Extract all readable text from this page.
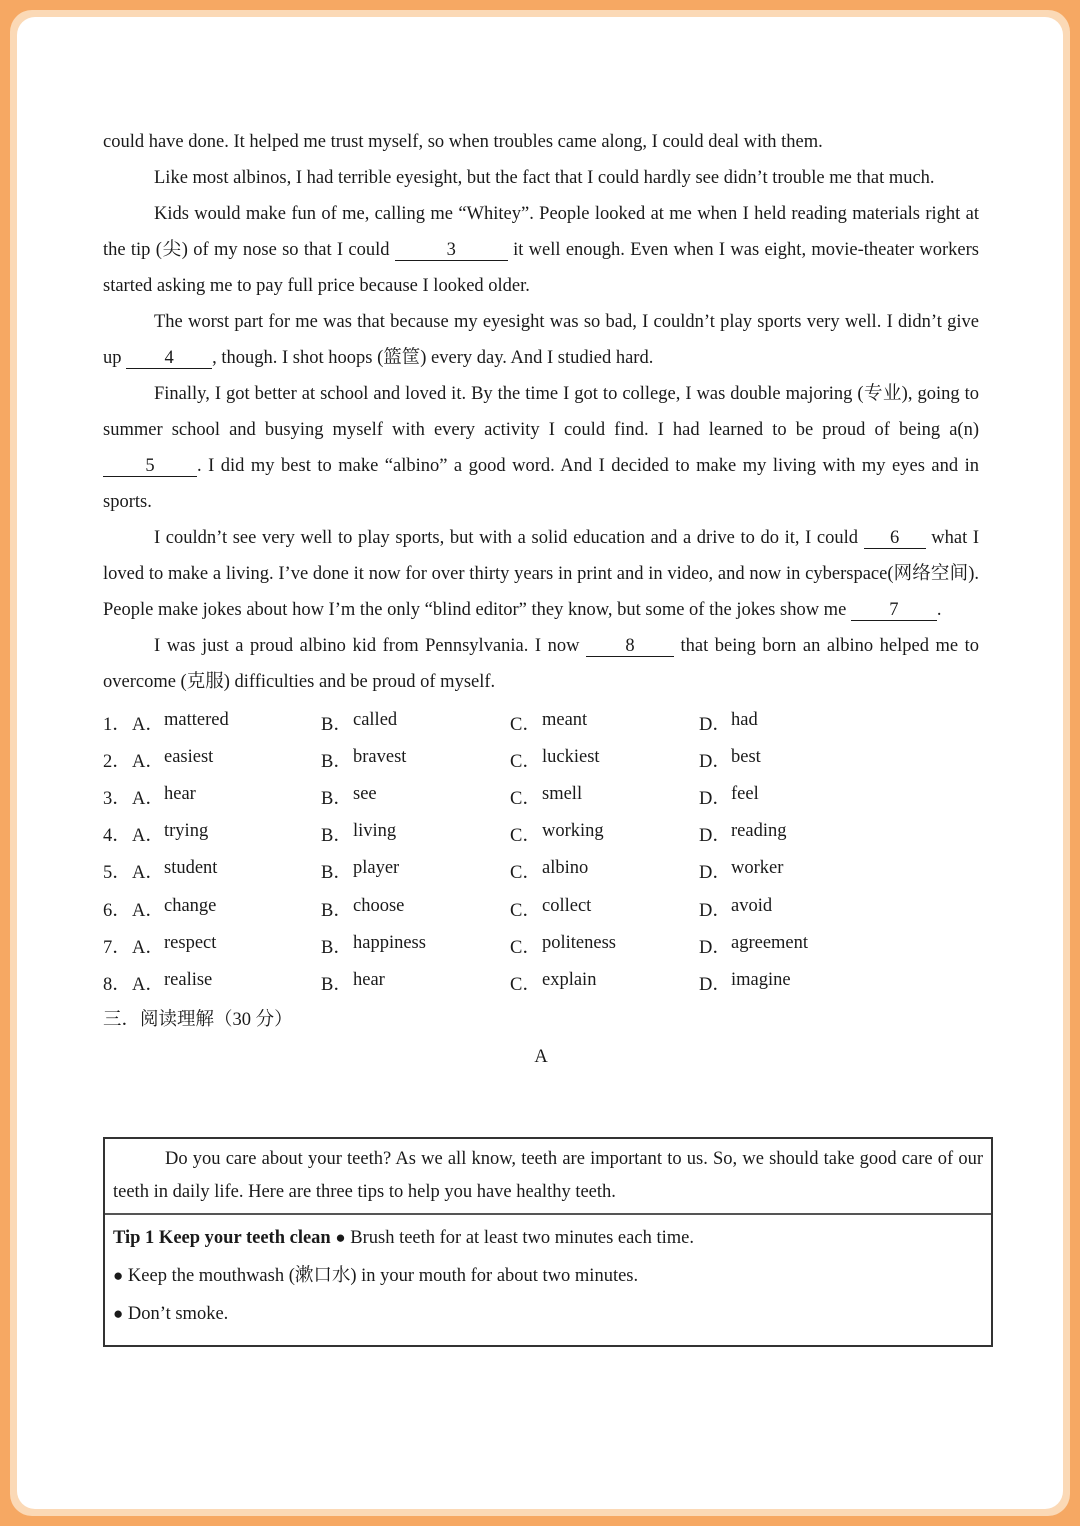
could have done. It helped me trust myself, so when troubles came along, I could deal with them.

Like most albinos, I had terrible eyesight, but the fact that I could hardly see didn’t trouble me that much.

Kids would make fun of me, calling me “Whitey”. People looked at me when I held reading materials right at the tip (尖) of my nose so that I could	3	it well enough. Even when I was eight, movie-theater workers started asking me to pay full price because I looked older.

The worst part for me was that because my eyesight was so bad, I couldn’t play sports very well. I didn’t give up 4 , though. I shot hoops (篮筐) every day. And I studied hard.

Finally, I got better at school and loved it. By the time I got to college, I was double majoring (专业), going to summer school and busying myself with every activity I could find. I had learned to be proud of being a(n) 5 . I did my best to make “albino” a good word. And I decided to make my living with my eyes and in sports.

I couldn’t see very well to play sports, but with a solid education and a drive to do it, I could 6 what I loved to make a living. I’ve done it now for over thirty years in print and in video, and now in cyberspace(网络空间). People make jokes about how I’m the only “blind editor” they know, but some of the jokes show me 7 .

I was just a proud albino kid from Pennsylvania. I now 8 that being born an albino helped me to overcome (克服) difficulties and be proud of myself.

1． A． mattered	B． called	C． meant	D． had
2． A． easiest	B． bravest	C． luckiest	D． best
3． A． hear	B． see	C． smell	D． feel
4． A． trying	B． living	C． working	D． reading
5． A． student	B． player	C． albino	D． worker
6． A． change	B． choose	C． collect	D． avoid
7． A． respect	B． happiness	C． politeness	D． agreement
8． A． realise	B． hear	C． explain	D． imagine
三．阅读理解（30 分）
A
Do you care about your teeth? As we all know, teeth are important to us. So, we should take good care of our teeth in daily life. Here are three tips to help you have healthy teeth.
Tip 1 Keep your teeth clean ● Brush teeth for at least two minutes each time.
● Keep the mouthwash (漱口水) in your mouth for about two minutes.
● Don’t smoke.
